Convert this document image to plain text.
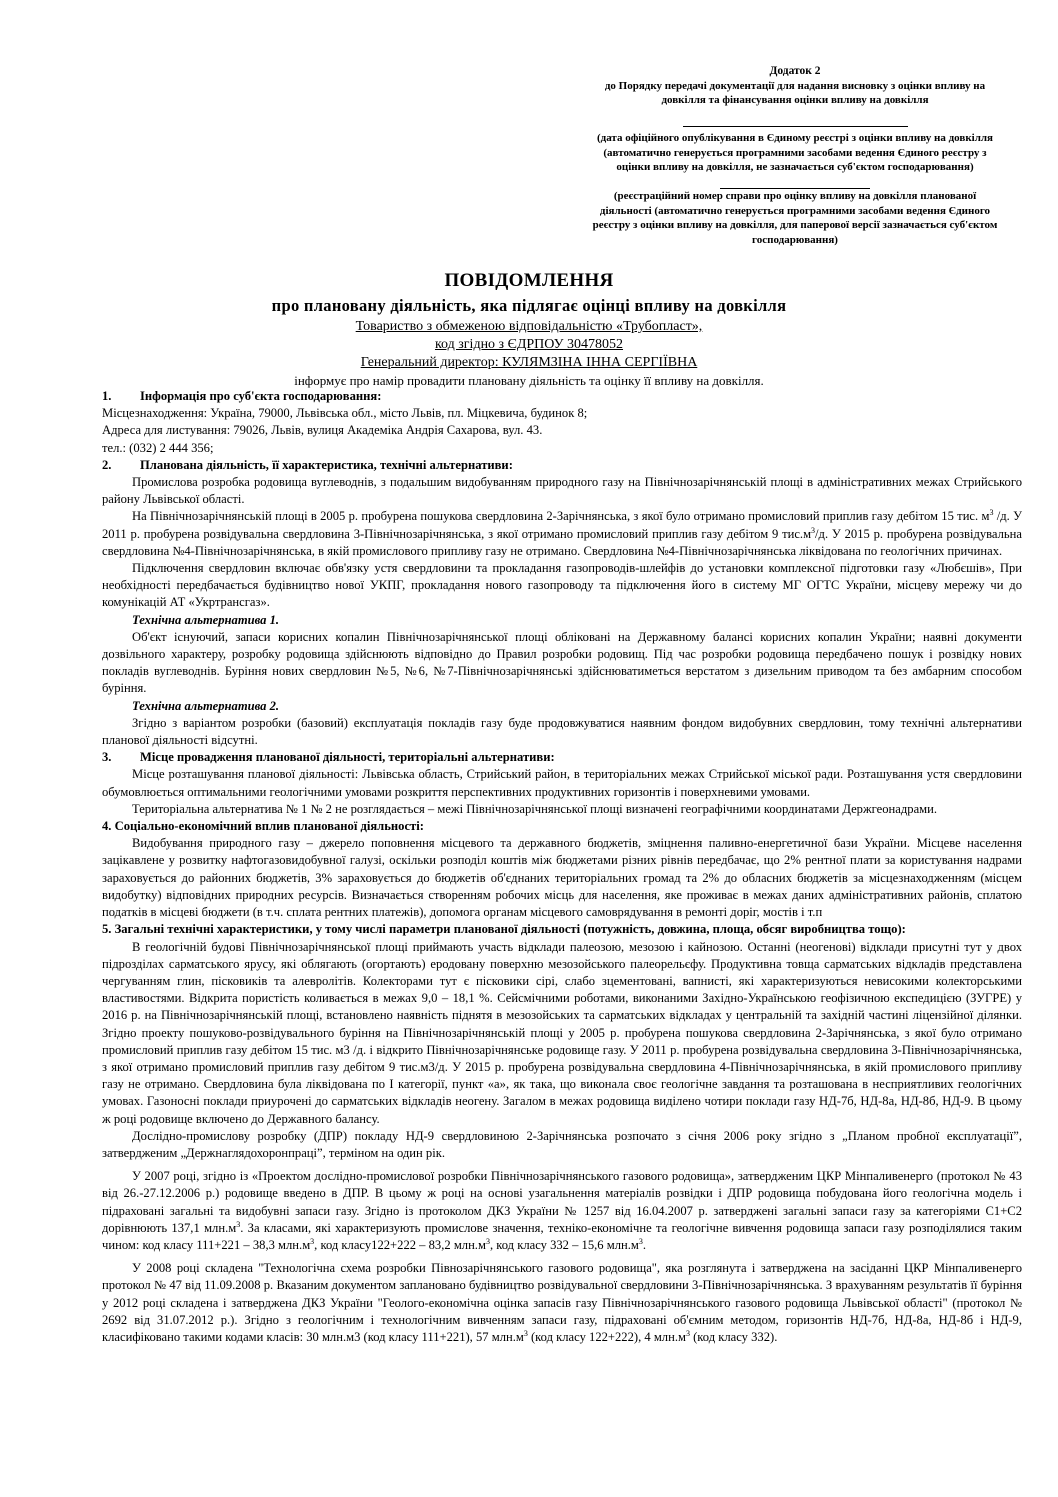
Додаток 2
до Порядку передачі документації для надання висновку з оцінки впливу на довкілля та фінансування оцінки впливу на довкілля
(дата офіційного опублікування в Єдиному реєстрі з оцінки впливу на довкілля (автоматично генерується програмними засобами ведення Єдиного реєстру з оцінки впливу на довкілля, не зазначається суб'єктом господарювання)
(реєстраційний номер справи про оцінку впливу на довкілля планованої діяльності (автоматично генерується програмними засобами ведення Єдиного реєстру з оцінки впливу на довкілля, для паперової версії зазначається суб'єктом господарювання)
ПОВІДОМЛЕННЯ
про плановану діяльність, яка підлягає оцінці впливу на довкілля
Товариство з обмеженою відповідальністю «Трубопласт»,
код згідно з ЄДРПОУ 30478052
Генеральний директор: КУЛЯМЗІНА ІННА СЕРГІЇВНА
інформує про намір провадити плановану діяльність та оцінку її впливу на довкілля.
1. Інформація про суб'єкта господарювання:

Місцезнаходження: Україна, 79000, Львівська обл., місто Львів, пл. Міцкевича, будинок 8;

Адреса для листування: 79026, Львів, вулиця Академіка Андрія Сахарова, вул. 43.

тел.: (032) 2 444 356;

2. Планована діяльність, її характеристика, технічні альтернативи:

Промислова розробка родовища вуглеводнів, з подальшим видобуванням природного газу на Північнозарічнянській площі в адміністративних межах Стрийського району Львівської області.

На Північнозарічнянській площі в 2005 р. пробурена пошукова свердловина 2-Зарічнянська, з якої було отримано промисловий приплив газу дебітом 15 тис. $м^3$ /д. У 2011 р. пробурена розвідувальна свердловина 3-Північнозарічнянська, з якої отримано промисловий приплив газу дебітом 9 $тис.м^3/д$. У 2015 р. пробурена розвідувальна свердловина №4-Північнозарічнянська, в якій промислового припливу газу не отримано. Свердловина №4-Північнозарічнянська ліквідована по геологічних причинах.

Підключення свердловин включає обв'язку устя свердловини та прокладання газопроводів-шлейфів до установки комплексної підготовки газу «Любєшів», При необхідності передбачається будівництво нової УКПГ, прокладання нового газопроводу та підключення його в систему МГ ОГТС України, місцеву мережу чи до комунікацій АТ «Укртрансгаз».

Технічна альтернатива 1.

Об'єкт існуючий, запаси корисних копалин Північнозарічнянської площі обліковані на Державному балансі корисних копалин України; наявні документи дозвільного характеру, розробку родовища здійснюють відповідно до Правил розробки родовищ. Під час розробки родовища передбачено пошук і розвідку нових покладів вуглеводнів. Буріння нових свердловин №5, №6, №7-Північнозарічнянські здійснюватиметься верстатом з дизельним приводом та без амбарним способом буріння.

Технічна альтернатива 2.

Згідно з варіантом розробки (базовий) експлуатація покладів газу буде продовжуватися наявним фондом видобувних свердловин, тому технічні альтернативи планової діяльності відсутні.

3. Місце провадження планованої діяльності, територіальні альтернативи:

Місце розташування планової діяльності: Львівська область, Стрийський район, в територіальних межах Стрийської міської ради. Розташування устя свердловини обумовлюється оптимальними геологічними умовами розкриття перспективних продуктивних горизонтів і поверхневими умовами.

Територіальна альтернатива № 1 № 2 не розглядається – межі Північнозарічнянської площі визначені географічними координатами Держгеонадрами.

4. Соціально-економічний вплив планованої діяльності:

Видобування природного газу – джерело поповнення місцевого та державного бюджетів, зміцнення паливно-енергетичної бази України. Місцеве населення зацікавлене у розвитку нафтогазовидобувної галузі, оскільки розподіл коштів між бюджетами різних рівнів передбачає, що 2% рентної плати за користування надрами зараховується до районних бюджетів, 3% зараховується до бюджетів об'єднаних територіальних громад та 2% до обласних бюджетів за місцезнаходженням (місцем видобутку) відповідних природних ресурсів. Визначається створенням робочих місць для населення, яке проживає в межах даних адміністративних районів, сплатою податків в місцеві бюджети (в т.ч. сплата рентних платежів), допомога органам місцевого самоврядування в ремонті доріг, мостів і т.п

5. Загальні технічні характеристики, у тому числі параметри планованої діяльності (потужність, довжина, площа, обсяг виробництва тощо):

В геологічній будові Північнозарічнянської площі приймають участь відклади палеозою, мезозою і кайнозою. Останні (неогенові) відклади присутні тут у двох підрозділах сарматського ярусу, які облягають (огортають) еродовану поверхню мезозойського палеорельєфу. Продуктивна товща сарматських відкладів представлена чергуванням глин, пісковиків та алевролітів. Колекторами тут є пісковики сірі, слабо зцементовані, вапнисті, які характеризуються невисокими колекторськими властивостями. Відкрита пористість коливається в межах 9,0 – 18,1 %. Сейсмічними роботами, виконаними Західно-Українською геофізичною експедицією (ЗУГРЕ) у 2016 р. на Північнозарічнянській площі, встановлено наявність піднятя в мезозойських та сарматських відкладах у центральній та західній частині ліцензійної ділянки. Згідно проекту пошуково-розвідувального буріння на Північнозарічнянській площі у 2005 р. пробурена пошукова свердловина 2-Зарічнянська, з якої було отримано промисловий приплив газу дебітом 15 тис. м3 /д. і відкрито Північнозарічнянське родовище газу. У 2011 р. пробурена розвідувальна свердловина 3-Північнозарічнянська, з якої отримано промисловий приплив газу дебітом 9 тис.м3/д. У 2015 р. пробурена розвідувальна свердловина 4-Північнозарічнянська, в якій промислового припливу газу не отримано. Свердловина була ліквідована по І категорії, пункт «а», як така, що виконала своє геологічне завдання та розташована в несприятливих геологічних умовах. Газоносні поклади приурочені до сарматських відкладів неогену. Загалом в межах родовища виділено чотири поклади газу НД-7б, НД-8а, НД-8б, НД-9. В цьому ж році родовище включено до Державного балансу.

Дослідно-промислову розробку (ДПР) покладу НД-9 свердловиною 2-Зарічнянська розпочато з січня 2006 року згідно з „Планом пробної експлуатації”, затвердженим „Держнаглядохоронпраці”, терміном на один рік.

У 2007 році, згідно із «Проектом дослідно-промислової розробки Північнозарічнянського газового родовища», затвердженим ЦКР Мінпаливенерго (протокол № 43 від 26.-27.12.2006 р.) родовище введено в ДПР. В цьому ж році на основі узагальнення матеріалів розвідки і ДПР родовища побудована його геологічна модель і підраховані загальні та видобувні запаси газу. Згідно із протоколом ДКЗ України № 1257 від 16.04.2007 р. затверджені загальні запаси газу за категоріями С1+С2 дорівнюють 137,1 $млн.м^3$. За класами, які характеризують промислове значення, техніко-економічне та геологічне вивчення родовища запаси газу розподілялися таким чином: код класу 111+221 – 38,3 $млн.м^3$, код класу122+222 – 83,2 $млн.м^3$, код класу 332 – 15,6 $млн.м^3$.

У 2008 році складена "Технологічна схема розробки Півнозарічнянського газового родовища", яка розглянута і затверджена на засіданні ЦКР Мінпаливенерго протокол № 47 від 11.09.2008 р. Вказаним документом заплановано будівництво розвідувальної свердловини 3-Північнозарічнянська. З врахуванням результатів її буріння у 2012 році складена і затверджена ДКЗ України "Геолого-економічна оцінка запасів газу Північнозарічнянського газового родовища Львівської області" (протокол № 2692 від 31.07.2012 р.). Згідно з геологічним і технологічним вивченням запаси газу, підраховані об'ємним методом, горизонтів НД-7б, НД-8а, НД-8б і НД-9, класифіковано такими кодами класів: 30 млн.м3 (код класу 111+221), 57 $млн.м^3$ (код класу 122+222), 4 $млн.м^3$ (код класу 332).
